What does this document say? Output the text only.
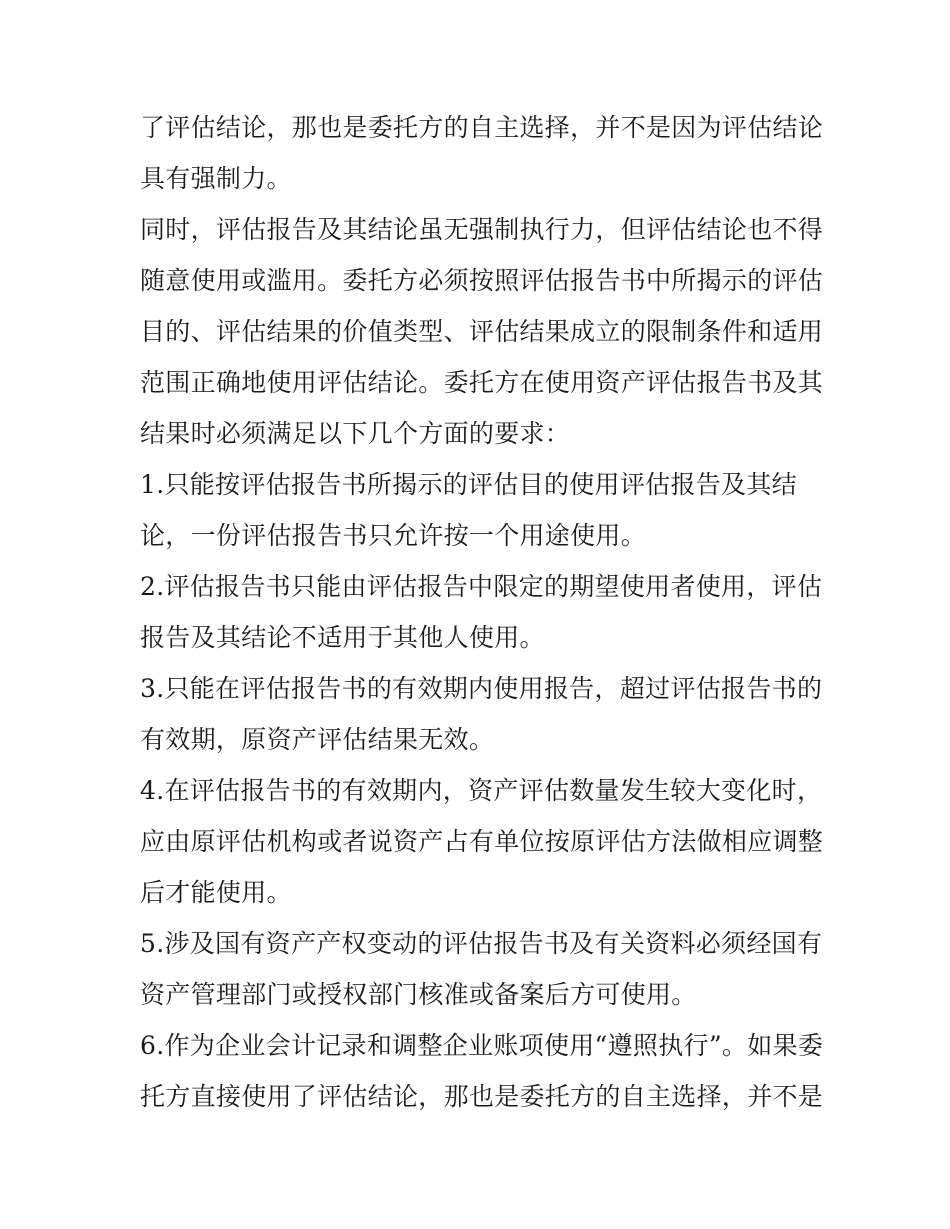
了评估结论，那也是委托方的自主选择，并不是因为评估结论

具有强制力。

同时，评估报告及其结论虽无强制执行力，但评估结论也不得

随意使用或滥用。委托方必须按照评估报告书中所揭示的评估

目的、评估结果的价值类型、评估结果成立的限制条件和适用

范围正确地使用评估结论。委托方在使用资产评估报告书及其

结果时必须满足以下几个方面的要求：

1.只能按评估报告书所揭示的评估目的使用评估报告及其结

论，一份评估报告书只允许按一个用途使用。

2.评估报告书只能由评估报告中限定的期望使用者使用，评估

报告及其结论不适用于其他人使用。

3.只能在评估报告书的有效期内使用报告，超过评估报告书的

有效期，原资产评估结果无效。

4.在评估报告书的有效期内，资产评估数量发生较大变化时，

应由原评估机构或者说资产占有单位按原评估方法做相应调整

后才能使用。

5.涉及国有资产产权变动的评估报告书及有关资料必须经国有

资产管理部门或授权部门核准或备案后方可使用。

6.作为企业会计记录和调整企业账项使用“遵照执行”。如果委

托方直接使用了评估结论，那也是委托方的自主选择，并不是
